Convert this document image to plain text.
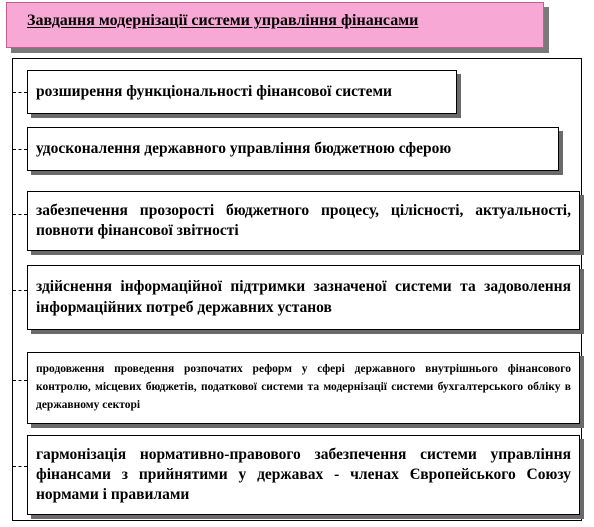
Завдання модернізації системи управління фінансами
розширення функціональності фінансової системи
удосконалення державного управління бюджетною сферою
забезпечення прозорості бюджетного процесу, цілісності, актуальності, повноти фінансової звітності
здійснення інформаційної підтримки зазначеної системи та задоволення інформаційних потреб державних установ
продовження проведення розпочатих реформ у сфері державного внутрішнього фінансового контролю, місцевих бюджетів, податкової системи та модернізації системи бухгалтерського обліку в державному секторі
гармонізація нормативно-правового забезпечення системи управління фінансами з прийнятими у державах - членах Європейського Союзу нормами і правилами
